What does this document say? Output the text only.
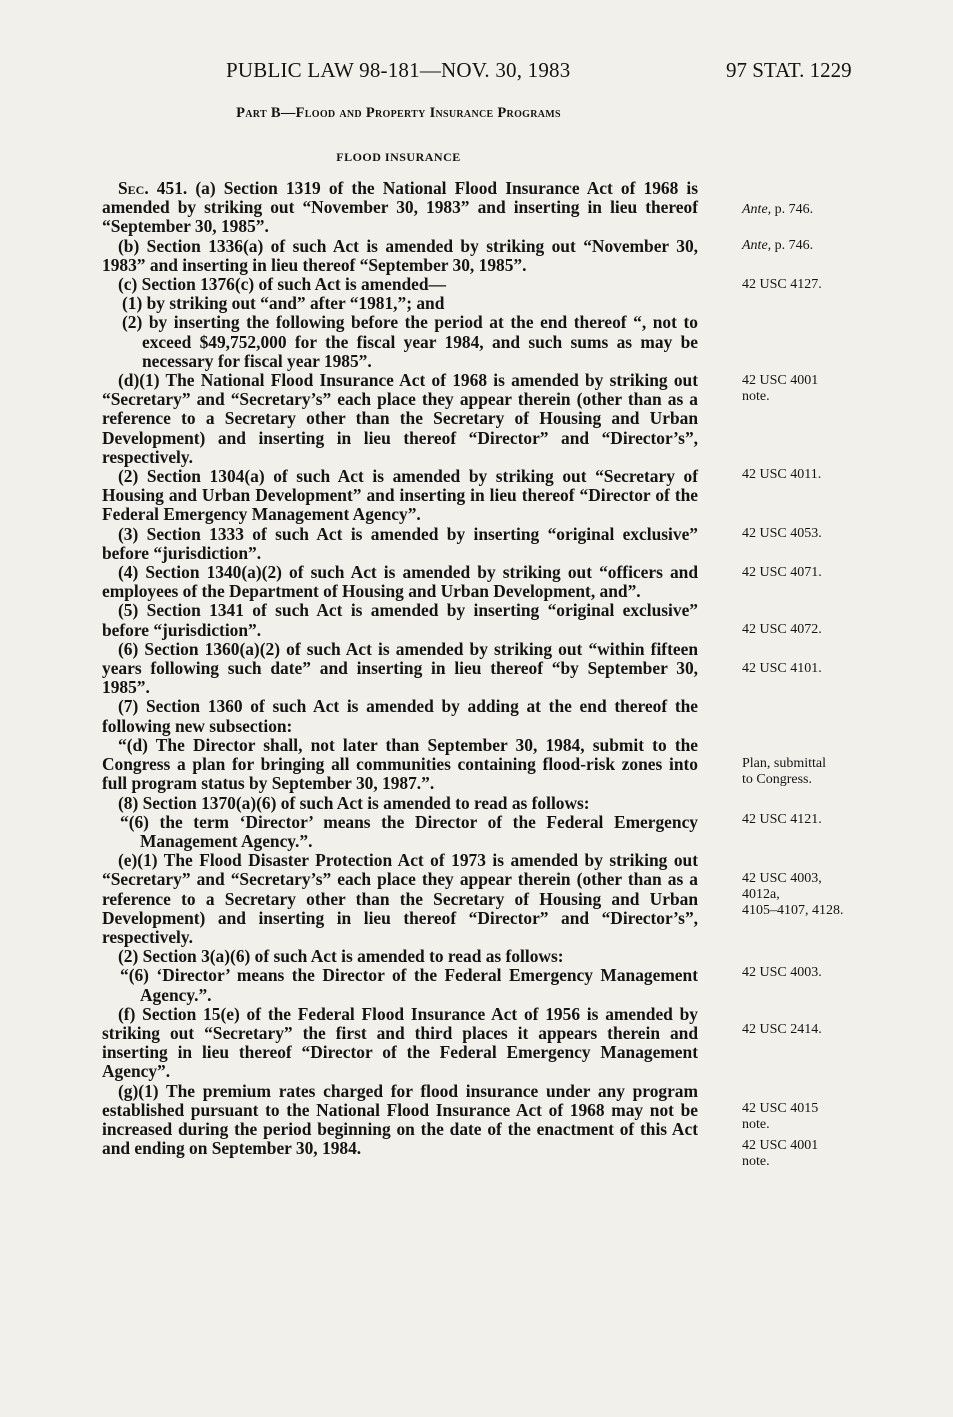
PUBLIC LAW 98-181—NOV. 30, 1983	97 STAT. 1229
Part B—Flood and Property Insurance Programs
FLOOD INSURANCE

Sec. 451. (a) Section 1319 of the National Flood Insurance Act of 1968 is amended by striking out “November 30, 1983” and inserting in lieu thereof “September 30, 1985”.

(b) Section 1336(a) of such Act is amended by striking out “November 30, 1983” and inserting in lieu thereof “September 30, 1985”.

(c) Section 1376(c) of such Act is amended—

(1) by striking out “and” after “1981,”; and

(2) by inserting the following before the period at the end thereof “, not to exceed $49,752,000 for the fiscal year 1984, and such sums as may be necessary for fiscal year 1985”.

(d)(1) The National Flood Insurance Act of 1968 is amended by striking out “Secretary” and “Secretary’s” each place they appear therein (other than as a reference to a Secretary other than the Secretary of Housing and Urban Development) and inserting in lieu thereof “Director” and “Director’s”, respectively.

(2) Section 1304(a) of such Act is amended by striking out “Secretary of Housing and Urban Development” and inserting in lieu thereof “Director of the Federal Emergency Management Agency”.

(3) Section 1333 of such Act is amended by inserting “original exclusive” before “jurisdiction”.

(4) Section 1340(a)(2) of such Act is amended by striking out “officers and employees of the Department of Housing and Urban Development, and”.

(5) Section 1341 of such Act is amended by inserting “original exclusive” before “jurisdiction”.

(6) Section 1360(a)(2) of such Act is amended by striking out “within fifteen years following such date” and inserting in lieu thereof “by September 30, 1985”.

(7) Section 1360 of such Act is amended by adding at the end thereof the following new subsection:

“(d) The Director shall, not later than September 30, 1984, submit to the Congress a plan for bringing all communities containing flood-risk zones into full program status by September 30, 1987.”.

(8) Section 1370(a)(6) of such Act is amended to read as follows:

“(6) the term ‘Director’ means the Director of the Federal Emergency Management Agency.”.

(e)(1) The Flood Disaster Protection Act of 1973 is amended by striking out “Secretary” and “Secretary’s” each place they appear therein (other than as a reference to a Secretary other than the Secretary of Housing and Urban Development) and inserting in lieu thereof “Director” and “Director’s”, respectively.

(2) Section 3(a)(6) of such Act is amended to read as follows:

“(6) ‘Director’ means the Director of the Federal Emergency Management Agency.”.

(f) Section 15(e) of the Federal Flood Insurance Act of 1956 is amended by striking out “Secretary” the first and third places it appears therein and inserting in lieu thereof “Director of the Federal Emergency Management Agency”.

(g)(1) The premium rates charged for flood insurance under any program established pursuant to the National Flood Insurance Act of 1968 may not be increased during the period beginning on the date of the enactment of this Act and ending on September 30, 1984.

Ante, p. 746.
Ante, p. 746.
42 USC 4127.
42 USC 4001
note.
42 USC 4011.
42 USC 4053.
42 USC 4071.
42 USC 4072.
42 USC 4101.
Plan, submittal
to Congress.
42 USC 4121.
42 USC 4003,
4012a,
4105–4107, 4128.
42 USC 4003.
42 USC 2414.
42 USC 4015
note.
42 USC 4001
note.
